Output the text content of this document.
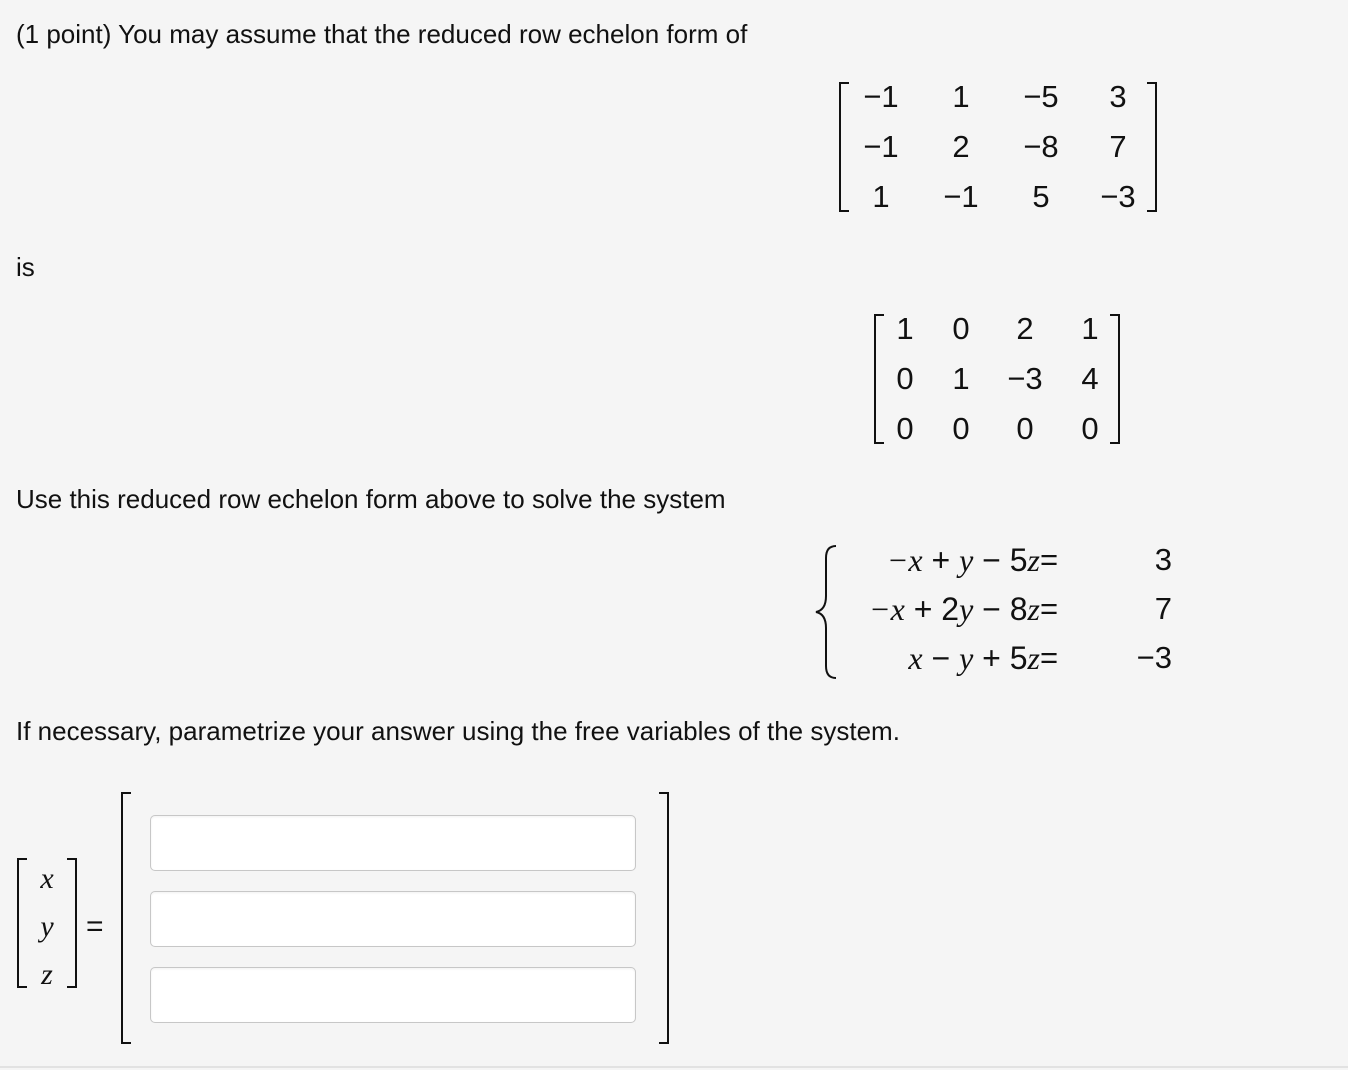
(1 point) You may assume that the reduced row echelon form of
−1	1	−5	3
−1	2	−8	7
1	−1	5	−3
is
1	0	2	1
0	1	−3	4
0	0	0	0
Use this reduced row echelon form above to solve the system
−x + y − 5z =	3
−x + 2y − 8z =	7
x − y + 5z =	−3
If necessary, parametrize your answer using the free variables of the system.
x
y
z
=
